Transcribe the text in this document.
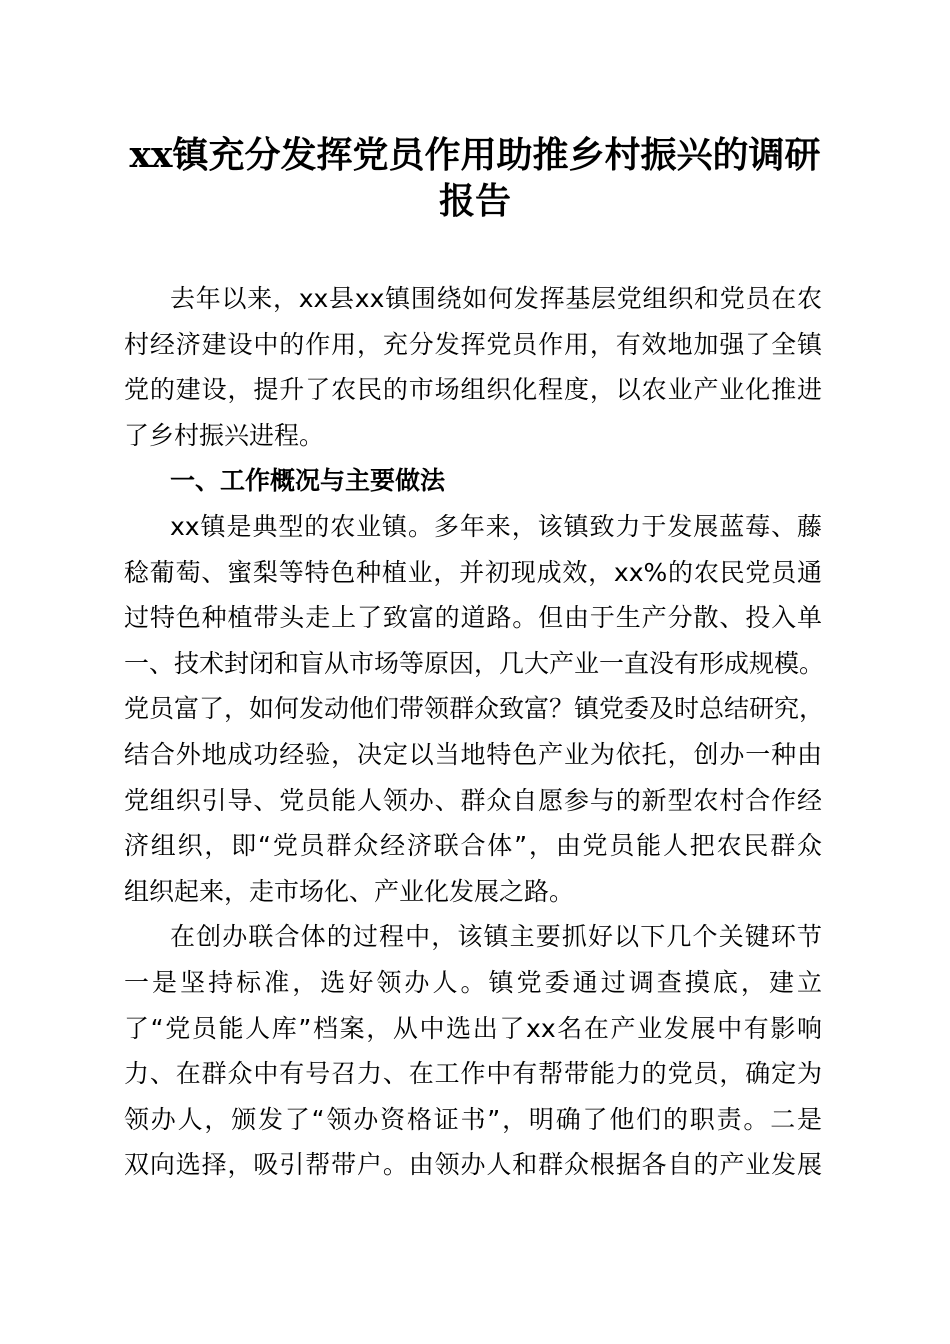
xx镇充分发挥党员作用助推乡村振兴的调研
报告
去年以来，xx县xx镇围绕如何发挥基层党组织和党员在农
村经济建设中的作用，充分发挥党员作用，有效地加强了全镇
党的建设，提升了农民的市场组织化程度，以农业产业化推进
了乡村振兴进程。
一、工作概况与主要做法
xx镇是典型的农业镇。多年来，该镇致力于发展蓝莓、藤
稔葡萄、蜜梨等特色种植业，并初现成效，xx%的农民党员通
过特色种植带头走上了致富的道路。但由于生产分散、投入单
一、技术封闭和盲从市场等原因，几大产业一直没有形成规模。
党员富了，如何发动他们带领群众致富？镇党委及时总结研究，
结合外地成功经验，决定以当地特色产业为依托，创办一种由
党组织引导、党员能人领办、群众自愿参与的新型农村合作经
济组织，即“党员群众经济联合体”，由党员能人把农民群众
组织起来，走市场化、产业化发展之路。
在创办联合体的过程中，该镇主要抓好以下几个关键环节
一是坚持标准，选好领办人。镇党委通过调查摸底，建立
了“党员能人库”档案，从中选出了xx名在产业发展中有影响
力、在群众中有号召力、在工作中有帮带能力的党员，确定为
领办人，颁发了“领办资格证书”，明确了他们的职责。二是
双向选择，吸引帮带户。由领办人和群众根据各自的产业发展
